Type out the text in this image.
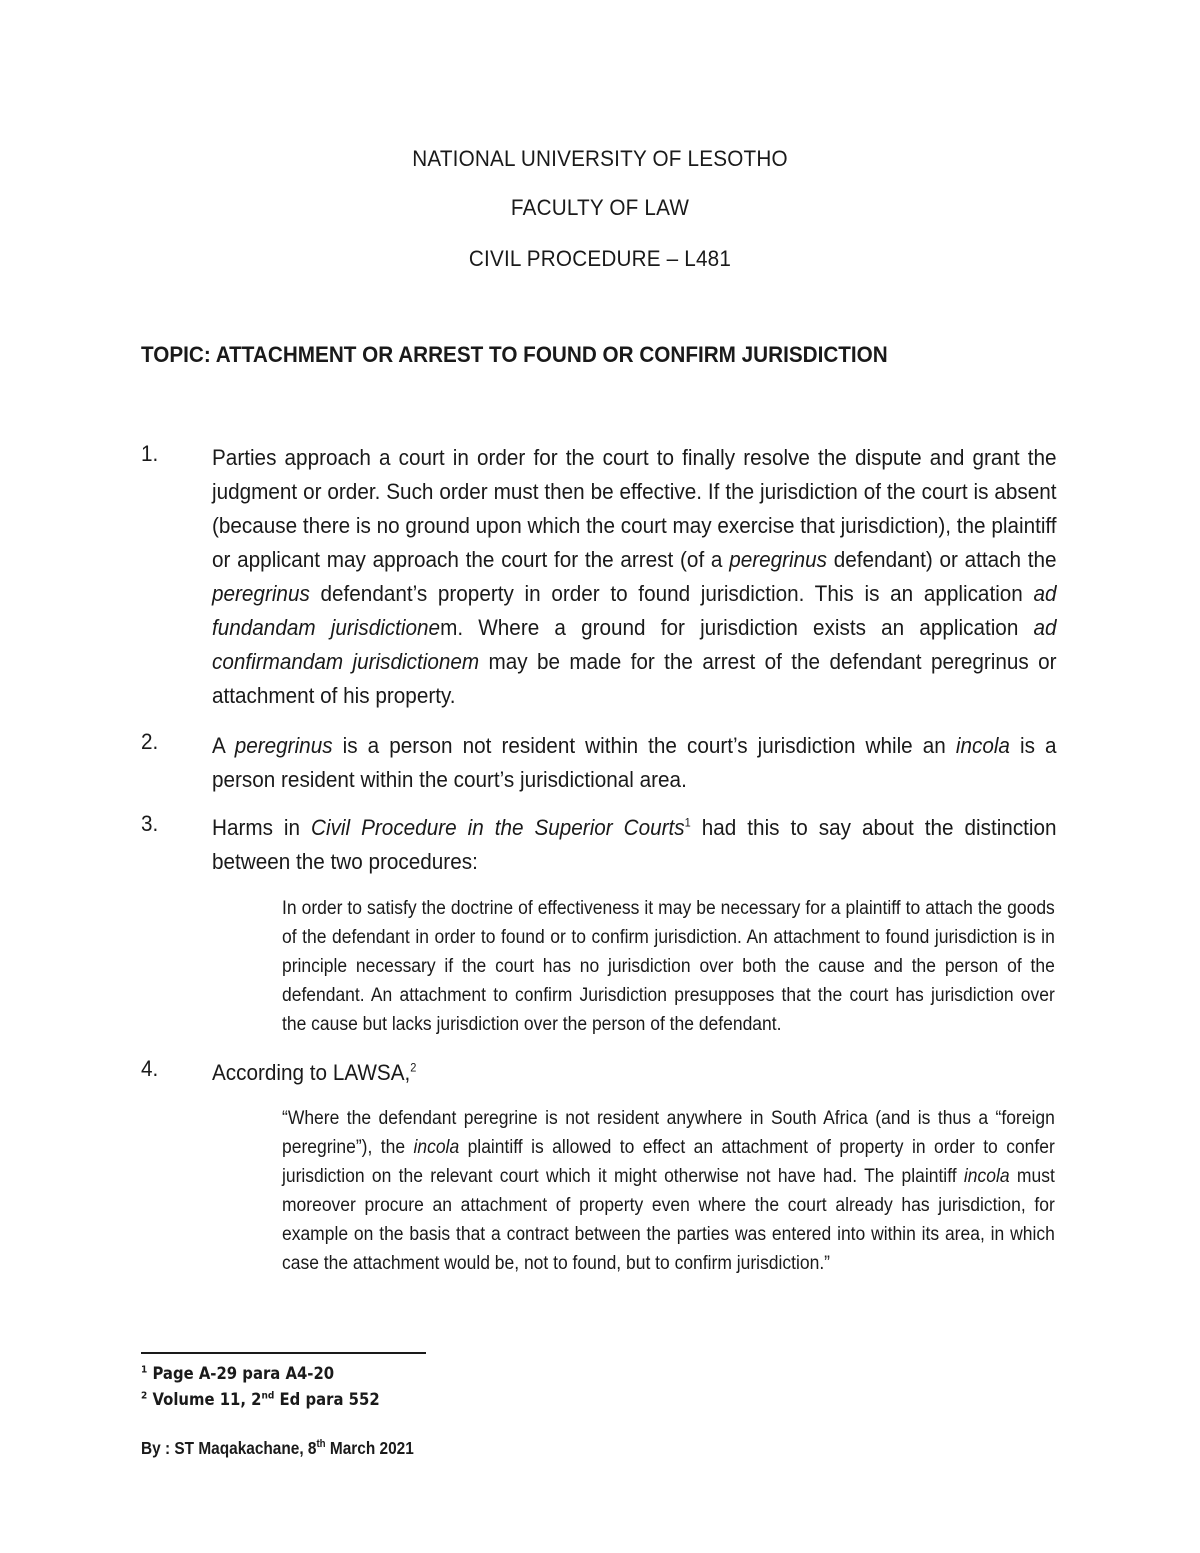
NATIONAL UNIVERSITY OF LESOTHO
FACULTY OF LAW
CIVIL PROCEDURE – L481
TOPIC: ATTACHMENT OR ARREST TO FOUND OR CONFIRM JURISDICTION
1. Parties approach a court in order for the court to finally resolve the dispute and grant the judgment or order. Such order must then be effective. If the jurisdiction of the court is absent (because there is no ground upon which the court may exercise that jurisdiction), the plaintiff or applicant may approach the court for the arrest (of a peregrinus defendant) or attach the peregrinus defendant’s property in order to found jurisdiction. This is an application ad fundandam jurisdictionem. Where a ground for jurisdiction exists an application ad confirmandam jurisdictionem may be made for the arrest of the defendant peregrinus or attachment of his property.
2. A peregrinus is a person not resident within the court’s jurisdiction while an incola is a person resident within the court’s jurisdictional area.
3. Harms in Civil Procedure in the Superior Courts$^1$ had this to say about the distinction between the two procedures:
In order to satisfy the doctrine of effectiveness it may be necessary for a plaintiff to attach the goods of the defendant in order to found or to confirm jurisdiction. An attachment to found jurisdiction is in principle necessary if the court has no jurisdiction over both the cause and the person of the defendant. An attachment to confirm Jurisdiction presupposes that the court has jurisdiction over the cause but lacks jurisdiction over the person of the defendant.
4. According to LAWSA,$^2$
“Where the defendant peregrine is not resident anywhere in South Africa (and is thus a “foreign peregrine”), the incola plaintiff is allowed to effect an attachment of property in order to confer jurisdiction on the relevant court which it might otherwise not have had. The plaintiff incola must moreover procure an attachment of property even where the court already has jurisdiction, for example on the basis that a contract between the parties was entered into within its area, in which case the attachment would be, not to found, but to confirm jurisdiction.”
$^1$ Page A-29 para A4-20
$^2$ Volume 11, 2nd Ed para 552
By : ST Maqakachane, 8th March 2021
